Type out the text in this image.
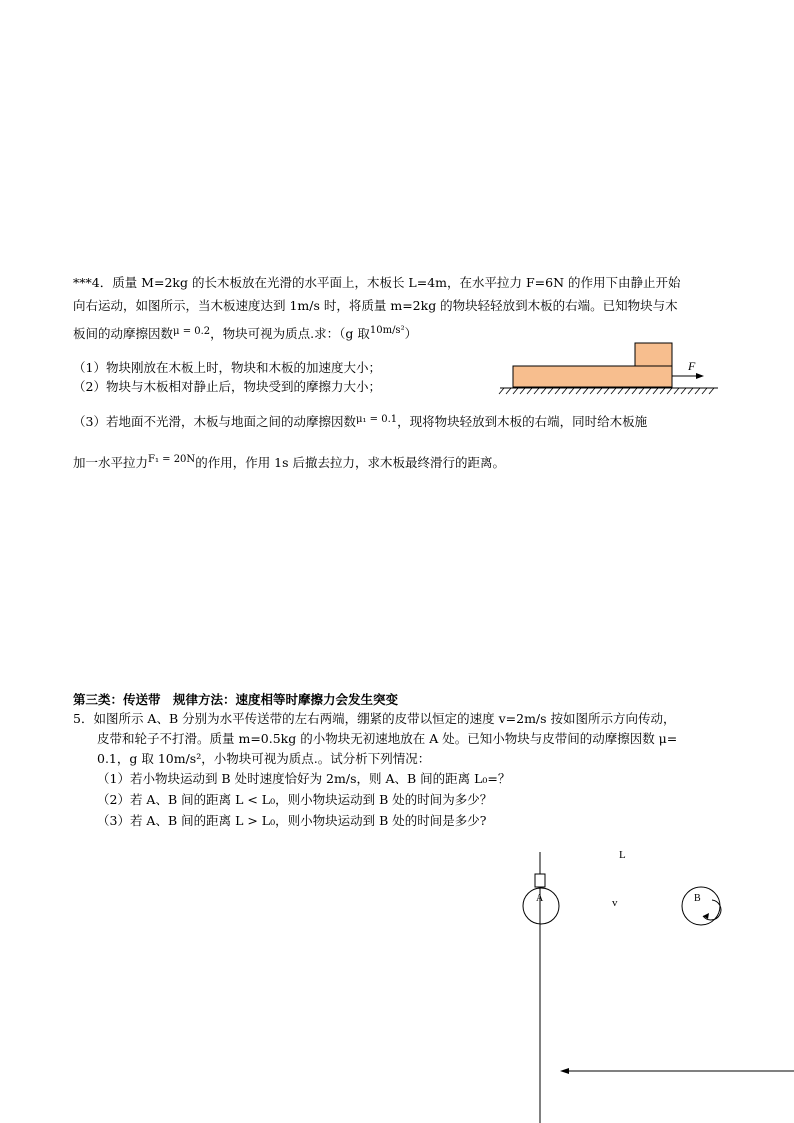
***4．质量 M=2kg 的长木板放在光滑的水平面上，木板长 L=4m，在水平拉力 F=6N 的作用下由静止开始
向右运动，如图所示，当木板速度达到 1m/s 时，将质量 m=2kg 的物块轻轻放到木板的右端。已知物块与木
板间的动摩擦因数$^{\mu = 0.2}$，物块可视为质点.求：（g 取$^{10m/s^2}$）
（1）物块刚放在木板上时，物块和木板的加速度大小；
（2）物块与木板相对静止后，物块受到的摩擦力大小；
（3）若地面不光滑，木板与地面之间的动摩擦因数$^{\mu_1 = 0.1}$，现将物块轻放到木板的右端，同时给木板施
加一水平拉力$^{F_1 = 20N}$的作用，作用 1s 后撤去拉力，求木板最终滑行的距离。
F
A	B
L
v
第三类：传送带　规律方法：速度相等时摩擦力会发生突变
5．如图所示 A、B 分别为水平传送带的左右两端，绷紧的皮带以恒定的速度 v=2m/s 按如图所示方向传动，
皮带和轮子不打滑。质量 m=0.5kg 的小物块无初速地放在 A 处。已知小物块与皮带间的动摩擦因数 μ=
0.1，g 取 10m/s²，小物块可视为质点.。试分析下列情况：
（1）若小物块运动到 B 处时速度恰好为 2m/s，则 A、B 间的距离 L₀=？
（2）若 A、B 间的距离 L < L₀，则小物块运动到 B 处的时间为多少？
（3）若 A、B 间的距离 L > L₀，则小物块运动到 B 处的时间是多少?
